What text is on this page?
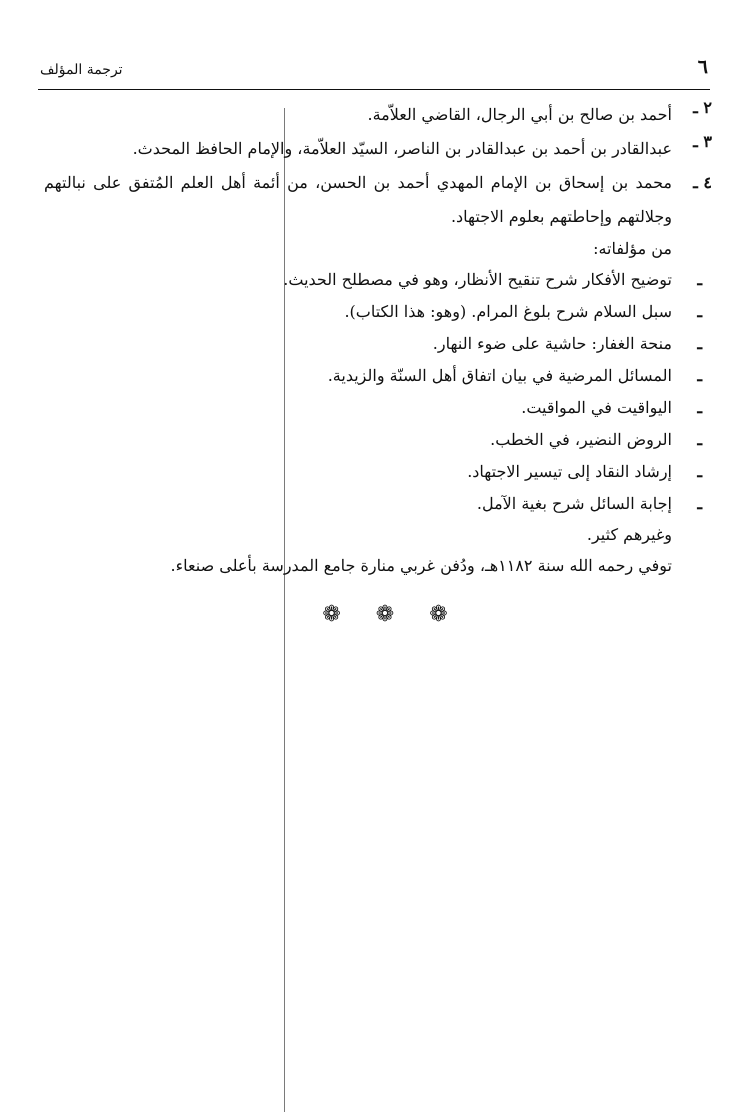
٦
ترجمة المؤلف
٢ ـ
أحمد بن صالح بن أبي الرجال، القاضي العلاّمة.
٣ ـ
عبدالقادر بن أحمد بن عبدالقادر بن الناصر، السيّد العلاّمة، والإمام الحافظ المحدث.
٤ ـ
محمد بن إسحاق بن الإمام المهدي أحمد بن الحسن، من أئمة أهل العلم المُتفق على نبالتهم وجلالتهم وإحاطتهم بعلوم الاجتهاد.
من مؤلفاته:
ـ
توضيح الأفكار شرح تنقيح الأنظار، وهو في مصطلح الحديث.
ـ
سبل السلام شرح بلوغ المرام. (وهو: هذا الكتاب).
ـ
منحة الغفار: حاشية على ضوء النهار.
ـ
المسائل المرضية في بيان اتفاق أهل السنّة والزيدية.
ـ
اليواقيت في المواقيت.
ـ
الروض النضير، في الخطب.
ـ
إرشاد النقاد إلى تيسير الاجتهاد.
ـ
إجابة السائل شرح بغية الآمل.
وغيرهم كثير.
توفي رحمه الله سنة ١١٨٢هـ، ودُفن غربي منارة جامع المدرسة بأعلى صنعاء.
❁ ❁ ❁
